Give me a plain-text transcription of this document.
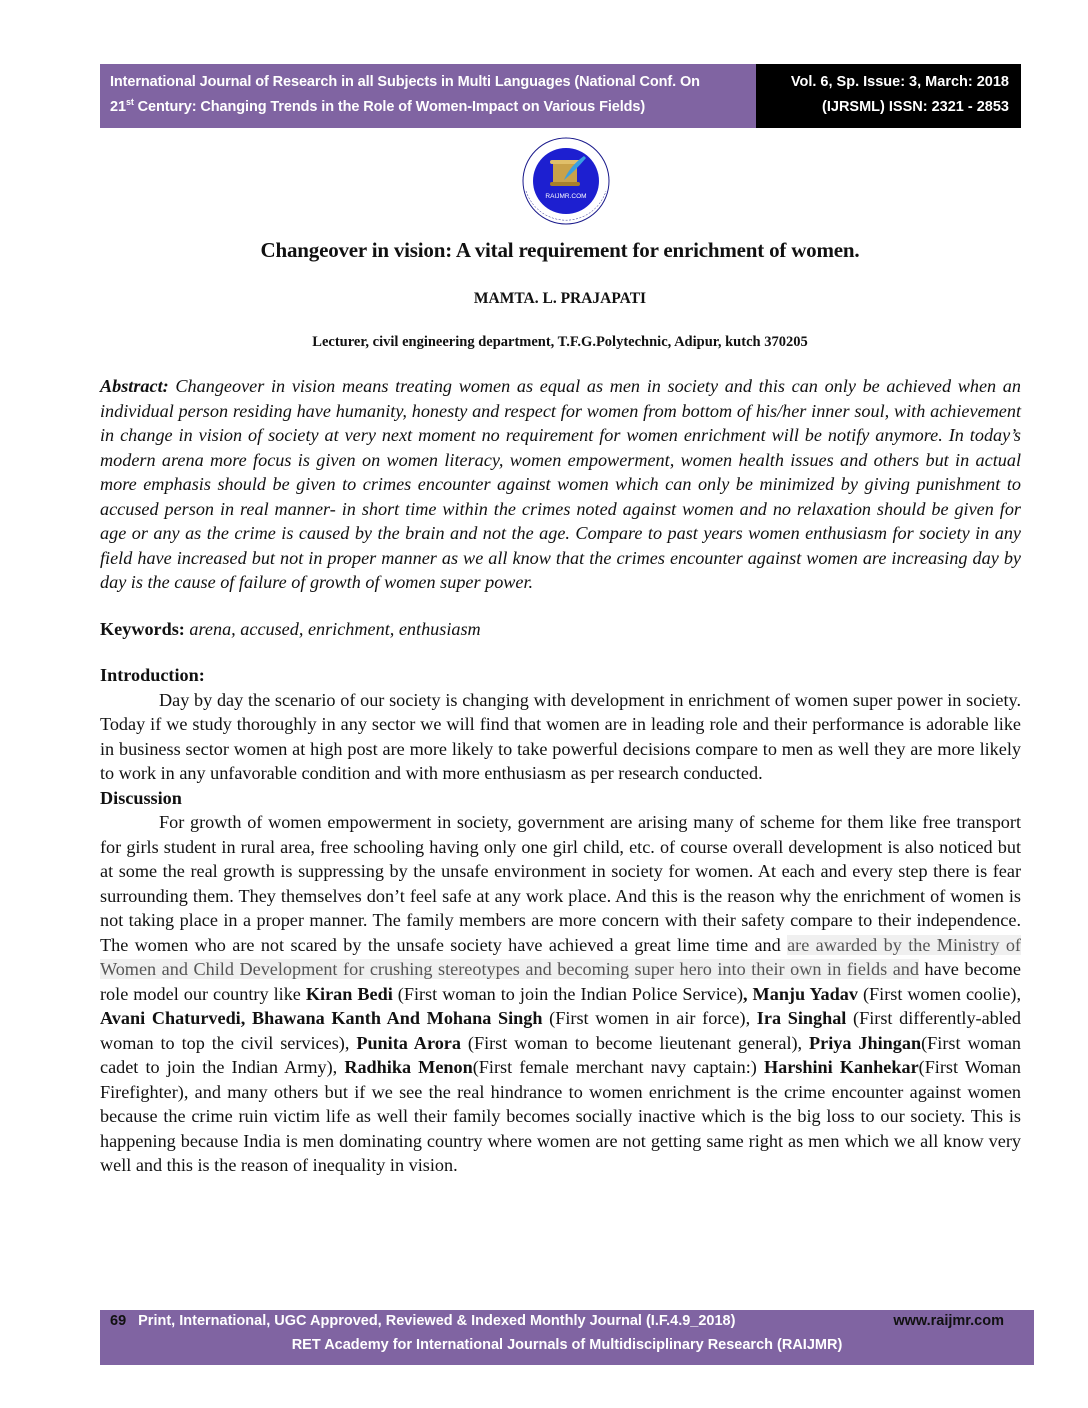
International Journal of Research in all Subjects in Multi Languages (National Conf. On
21st Century: Changing Trends in the Role of Women-Impact on Various Fields)
Vol. 6, Sp. Issue: 3, March: 2018
(IJRSML) ISSN: 2321 - 2853
RAIJMR.COM
Changeover in vision: A vital requirement for enrichment of women.
MAMTA. L. PRAJAPATI
Lecturer, civil engineering department, T.F.G.Polytechnic, Adipur, kutch 370205

Abstract: Changeover in vision means treating women as equal as men in society and this can only be achieved when an individual person residing have humanity, honesty and respect for women from bottom of his/her inner soul, with achievement in change in vision of society at very next moment no requirement for women enrichment will be notify anymore. In today’s modern arena more focus is given on women literacy, women empowerment, women health issues and others but in actual more emphasis should be given to crimes encounter against women which can only be minimized by giving punishment to accused person in real manner- in short time within the crimes noted against women and no relaxation should be given for age or any as the crime is caused by the brain and not the age. Compare to past years women enthusiasm for society in any field have increased but not in proper manner as we all know that the crimes encounter against women are increasing day by day is the cause of failure of growth of women super power.

Keywords: arena, accused, enrichment, enthusiasm

Introduction:

Day by day the scenario of our society is changing with development in enrichment of women super power in society. Today if we study thoroughly in any sector we will find that women are in leading role and their performance is adorable like in business sector women at high post are more likely to take powerful decisions compare to men as well they are more likely to work in any unfavorable condition and with more enthusiasm as per research conducted.

Discussion

For growth of women empowerment in society, government are arising many of scheme for them like free transport for girls student in rural area, free schooling having only one girl child, etc. of course overall development is also noticed but at some the real growth is suppressing by the unsafe environment in society for women. At each and every step there is fear surrounding them. They themselves don’t feel safe at any work place. And this is the reason why the enrichment of women is not taking place in a proper manner. The family members are more concern with their safety compare to their independence. The women who are not scared by the unsafe society have achieved a great lime time and are awarded by the Ministry of Women and Child Development for crushing stereotypes and becoming super hero into their own in fields and have become role model our country like Kiran Bedi (First woman to join the Indian Police Service), Manju Yadav (First women coolie), Avani Chaturvedi, Bhawana Kanth And Mohana Singh (First women in air force), Ira Singhal (First differently-abled woman to top the civil services), Punita Arora (First woman to become lieutenant general), Priya Jhingan(First woman cadet to join the Indian Army), Radhika Menon(First female merchant navy captain:) Harshini Kanhekar(First Woman Firefighter), and many others but if we see the real hindrance to women enrichment is the crime encounter against women because the crime ruin victim life as well their family becomes socially inactive which is the big loss to our society. This is happening because India is men dominating country where women are not getting same right as men which we all know very well and this is the reason of inequality in vision.

69 Print, International, UGC Approved, Reviewed & Indexed Monthly Journal (I.F.4.9_2018)	www.raijmr.com
RET Academy for International Journals of Multidisciplinary Research (RAIJMR)
